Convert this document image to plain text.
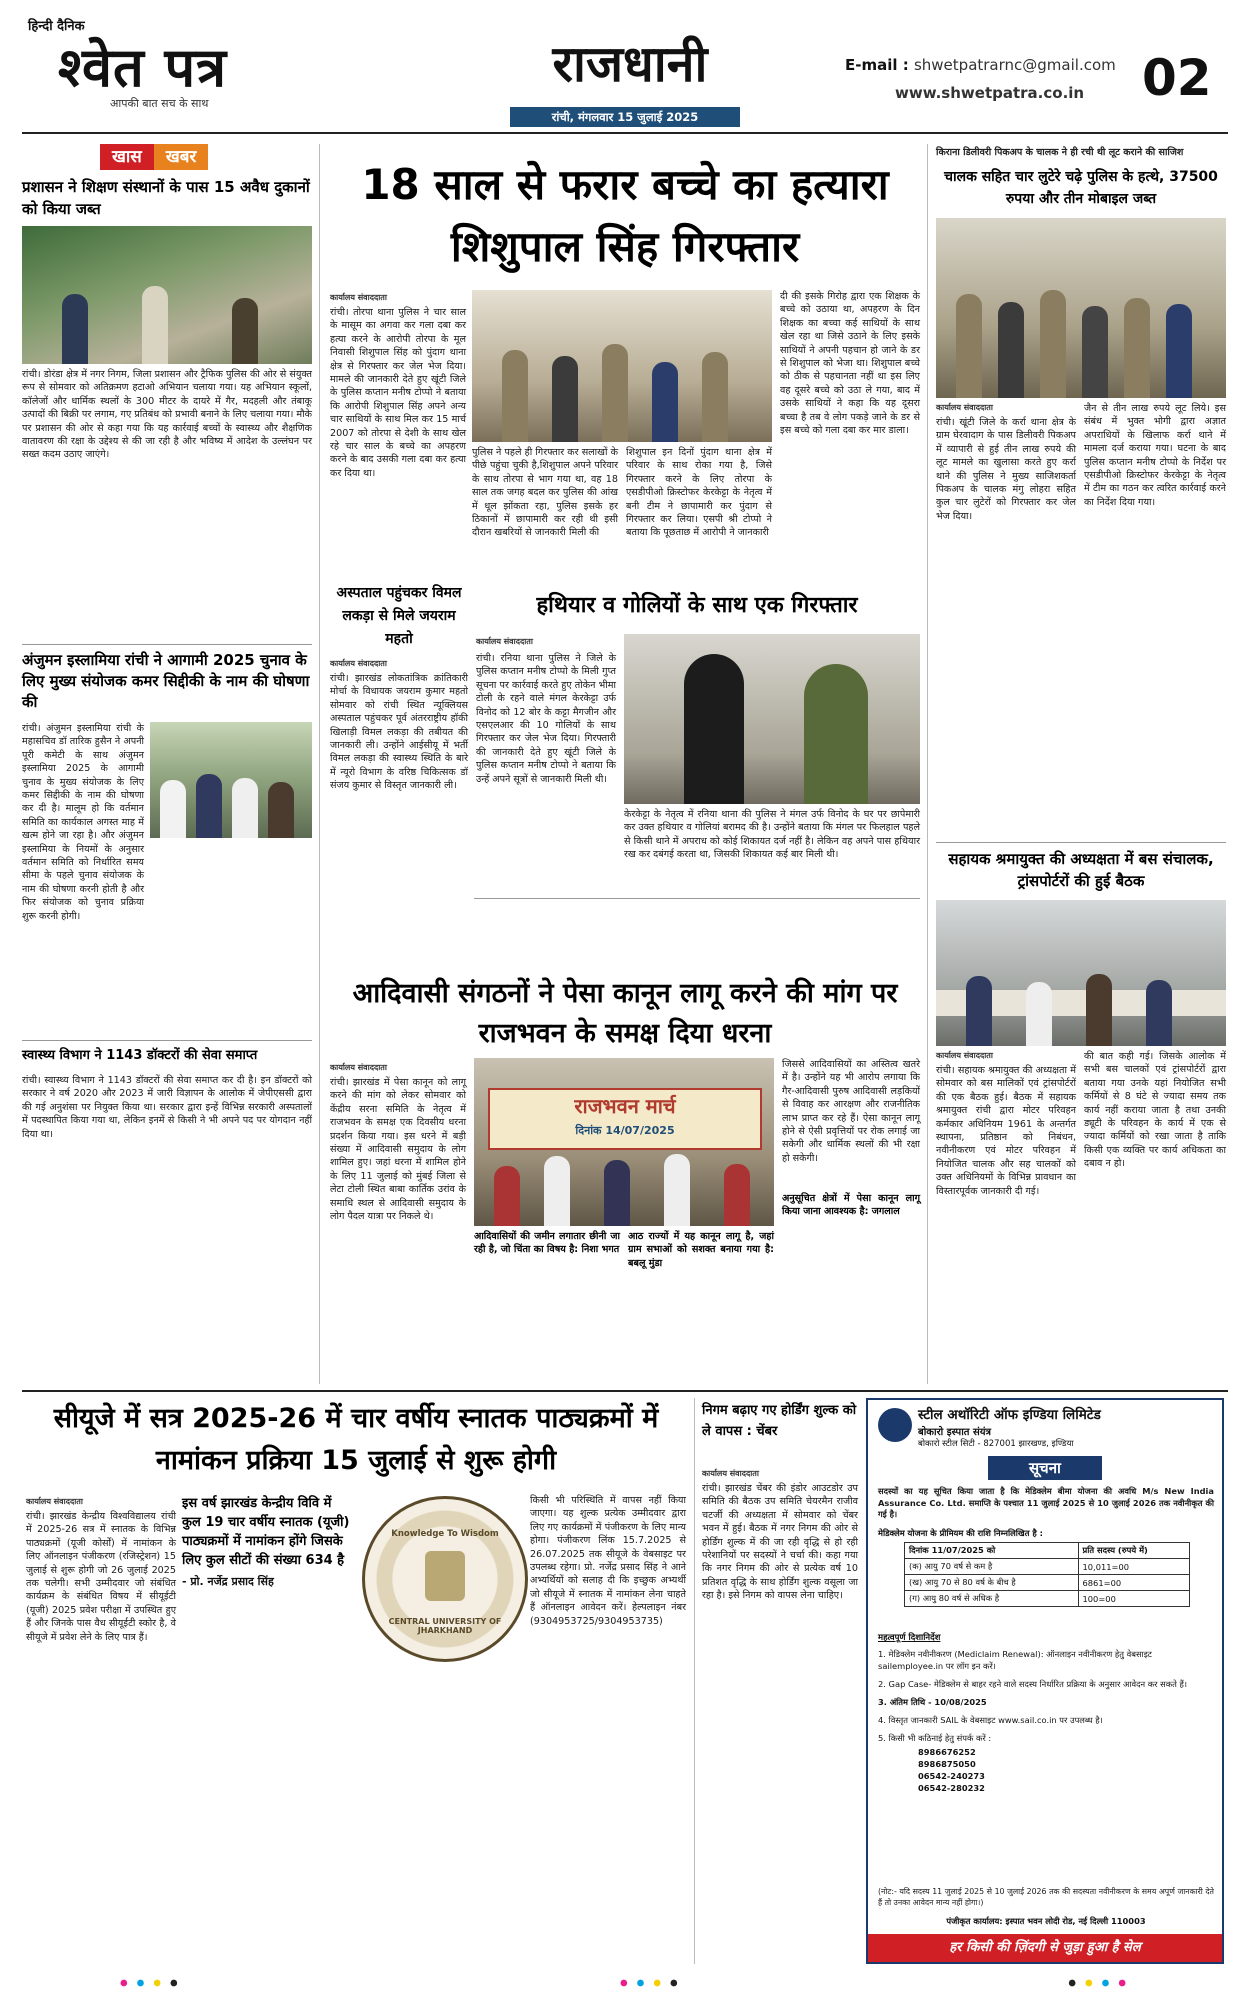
हिन्दी दैनिक
श्वेत पत्र
आपकी बात सच के साथ
राजधानी
रांची, मंगलवार 15 जुलाई 2025
E-mail : shwetpatrarnc@gmail.com
www.shwetpatra.co.in 02
खास खबर
प्रशासन ने शिक्षण संस्थानों के पास 15 अवैध दुकानों को किया जब्त
रांची। डोरंडा क्षेत्र में नगर निगम, जिला प्रशासन और ट्रैफिक पुलिस की ओर से संयुक्त रूप से सोमवार को अतिक्रमण हटाओ अभियान चलाया गया। यह अभियान स्कूलों, कॉलेजों और धार्मिक स्थलों के 300 मीटर के दायरे में गैर, मदहली और तंबाकू उत्पादों की बिक्री पर लगाम, गए प्रतिबंध को प्रभावी बनाने के लिए चलाया गया। मौके पर प्रशासन की ओर से कहा गया कि यह कार्रवाई बच्चों के स्वास्थ्य और शैक्षणिक वातावरण की रक्षा के उद्देश्य से की जा रही है और भविष्य में आदेश के उल्लंघन पर सख्त कदम उठाए जाएंगे।
अंजुमन इस्लामिया रांची ने आगामी 2025 चुनाव के लिए मुख्य संयोजक कमर सिद्दीकी के नाम की घोषणा की
रांची। अंजुमन इस्लामिया रांची के महासचिव डॉ तारिक हुसैन ने अपनी पूरी कमेटी के साथ अंजुमन इस्लामिया 2025 के आगामी चुनाव के मुख्य संयोजक के लिए कमर सिद्दीकी के नाम की घोषणा कर दी है। मालूम हो कि वर्तमान समिति का कार्यकाल अगस्त माह में खत्म होने जा रहा है। और अंजुमन इस्लामिया के नियमों के अनुसार वर्तमान समिति को निर्धारित समय सीमा के पहले चुनाव संयोजक के नाम की घोषणा करनी होती है और फिर संयोजक को चुनाव प्रक्रिया शुरू करनी होगी।
स्वास्थ्य विभाग ने 1143 डॉक्टरों की सेवा समाप्त
रांची। स्वास्थ्य विभाग ने 1143 डॉक्टरों की सेवा समाप्त कर दी है। इन डॉक्टरों को सरकार ने वर्ष 2020 और 2023 में जारी विज्ञापन के आलोक में जेपीएससी द्वारा की गई अनुशंसा पर नियुक्त किया था। सरकार द्वारा इन्हें विभिन्न सरकारी अस्पतालों में पदस्थापित किया गया था, लेकिन इनमें से किसी ने भी अपने पद पर योगदान नहीं दिया था।
18 साल से फरार बच्चे का हत्यारा शिशुपाल सिंह गिरफ्तार
कार्यालय संवाददाता
रांची। तोरपा थाना पुलिस ने चार साल के मासूम का अगवा कर गला दबा कर हत्या करने के आरोपी तोरपा के मूल निवासी शिशुपाल सिंह को पुंदाग थाना क्षेत्र से गिरफ्तार कर जेल भेज दिया। मामले की जानकारी देते हुए खूंटी जिले के पुलिस कप्तान मनीष टोप्पो ने बताया कि आरोपी शिशुपाल सिंह अपने अन्य चार साथियों के साथ मिल कर 15 मार्च 2007 को तोरपा से देशी के साथ खेल रहे चार साल के बच्चे का अपहरण करने के बाद उसकी गला दबा कर हत्या कर दिया था।
पुलिस ने पहले ही गिरफ्तार कर सलाखों के पीछे पहुंचा चुकी है,शिशुपाल अपने परिवार के साथ तोरपा से भाग गया था, वह 18 साल तक जगह बदल कर पुलिस की आंख में धूल झोंकता रहा, पुलिस इसके हर ठिकानों में छापामारी कर रही थी इसी दौरान खबरियों से जानकारी मिली की
शिशुपाल इन दिनों पुंदाग थाना क्षेत्र में परिवार के साथ रोका गया है, जिसे गिरफ्तार करने के लिए तोरपा के एसडीपीओ क्रिस्टोफर केरकेट्टा के नेतृत्व में बनी टीम ने छापामारी कर पुंदाग से गिरफ्तार कर लिया। एसपी श्री टोप्पो ने बताया कि पूछताछ में आरोपी ने जानकारी
दी की इसके गिरोह द्वारा एक शिक्षक के बच्चे को उठाया था, अपहरण के दिन शिक्षक का बच्चा कई साथियों के साथ खेल रहा था जिसे उठाने के लिए इसके साथियों ने अपनी पहचान हो जाने के डर से शिशुपाल को भेजा था। शिशुपाल बच्चे को ठीक से पहचानता नहीं था इस लिए वह दूसरे बच्चे को उठा ले गया, बाद में उसके साथियों ने कहा कि यह दूसरा बच्चा है तब वे लोग पकड़े जाने के डर से इस बच्चे को गला दबा कर मार डाला।
अस्पताल पहुंचकर विमल लकड़ा से मिले जयराम महतो
कार्यालय संवाददाता
रांची। झारखंड लोकतांत्रिक क्रांतिकारी मोर्चा के विधायक जयराम कुमार महतो सोमवार को रांची स्थित न्यूक्लियस अस्पताल पहुंचकर पूर्व अंतरराष्ट्रीय हॉकी खिलाड़ी विमल लकड़ा की तबीयत की जानकारी ली। उन्होंने आईसीयू में भर्ती विमल लकड़ा की स्वास्थ्य स्थिति के बारे में न्यूरो विभाग के वरिष्ठ चिकित्सक डॉ संजय कुमार से विस्तृत जानकारी ली।
हथियार व गोलियों के साथ एक गिरफ्तार
कार्यालय संवाददाता
रांची। रनिया थाना पुलिस ने जिले के पुलिस कप्तान मनीष टोप्पो के मिली गुप्त सूचना पर कार्रवाई करते हुए तोकेन भीमा टोली के रहने वाले मंगल केरकेट्टा उर्फ विनोद को 12 बोर के कट्टा मैगजीन और एसएलआर की 10 गोलियों के साथ गिरफ्तार कर जेल भेज दिया। गिरफ्तारी की जानकारी देते हुए खूंटी जिले के पुलिस कप्तान मनीष टोप्पो ने बताया कि उन्हें अपने सूत्रों से जानकारी मिली थी।
केरकेट्टा के नेतृत्व में रनिया थाना की पुलिस ने मंगल उर्फ विनोद के घर पर छापेमारी कर उक्त हथियार व गोलियां बरामद की है। उन्होंने बताया कि मंगल पर फिलहाल पहले से किसी थाने में अपराध को कोई शिकायत दर्ज नहीं है। लेकिन वह अपने पास हथियार रख कर दबंगई करता था, जिसकी शिकायत कई बार मिली थी।
आदिवासी संगठनों ने पेसा कानून लागू करने की मांग पर राजभवन के समक्ष दिया धरना
कार्यालय संवाददाता
रांची। झारखंड में पेसा कानून को लागू करने की मांग को लेकर सोमवार को केंद्रीय सरना समिति के नेतृत्व में राजभवन के समक्ष एक दिवसीय धरना प्रदर्शन किया गया। इस धरने में बड़ी संख्या में आदिवासी समुदाय के लोग शामिल हुए। जहां धरना में शामिल होने के लिए 11 जुलाई को मुंबई जिला से लेटा टोली स्थित बाबा कार्तिक उरांव के समाधि स्थल से आदिवासी समुदाय के लोग पैदल यात्रा पर निकले थे।
राजभवन मार्च
दिनांक 14/07/2025
आदिवासियों की जमीन लगातार छीनी जा रही है, जो चिंता का विषय है: निशा भगत
आठ राज्यों में यह कानून लागू है, जहां ग्राम सभाओं को सशक्त बनाया गया है: बबलू मुंडा
जिससे आदिवासियों का अस्तित्व खतरे में है। उन्होंने यह भी आरोप लगाया कि गैर-आदिवासी पुरुष आदिवासी लड़कियों से विवाह कर आरक्षण और राजनीतिक लाभ प्राप्त कर रहे हैं। ऐसा कानून लागू होने से ऐसी प्रवृत्तियों पर रोक लगाई जा सकेगी और धार्मिक स्थलों की भी रक्षा हो सकेगी।
अनुसूचित क्षेत्रों में पेसा कानून लागू किया जाना आवश्यक है: जगलाल
किराना डिलीवरी पिकअप के चालक ने ही रची थी लूट कराने की साजिश
चालक सहित चार लुटेरे चढ़े पुलिस के हत्थे, 37500 रुपया और तीन मोबाइल जब्त
कार्यालय संवाददाता
रांची। खूंटी जिले के कर्रा थाना क्षेत्र के ग्राम घेरवादाग के पास डिलीवरी पिकअप में व्यापारी से हुई तीन लाख रुपये की लूट मामले का खुलासा करते हुए कर्रा थाने की पुलिस ने मुख्य साजिशकर्ता पिकअप के चालक मंगु लोहरा सहित कुल चार लुटेरों को गिरफ्तार कर जेल भेज दिया।
जैन से तीन लाख रुपये लूट लिये। इस संबंध में भुक्त भोगी द्वारा अज्ञात अपराधियों के खिलाफ कर्रा थाने में मामला दर्ज कराया गया। घटना के बाद पुलिस कप्तान मनीष टोप्पो के निर्देश पर एसडीपीओ क्रिस्टोफर केरकेट्टा के नेतृत्व में टीम का गठन कर त्वरित कार्रवाई करने का निर्देश दिया गया।
सहायक श्रमायुक्त की अध्यक्षता में बस संचालक, ट्रांसपोर्टरों की हुई बैठक
कार्यालय संवाददाता
रांची। सहायक श्रमायुक्त की अध्यक्षता में सोमवार को बस मालिकों एवं ट्रांसपोर्टरों की एक बैठक हुई। बैठक में सहायक श्रमायुक्त रांची द्वारा मोटर परिवहन कर्मकार अधिनियम 1961 के अन्तर्गत स्थापना, प्रतिष्ठान को निबंधन, नवीनीकरण एवं मोटर परिवहन में नियोजित चालक और सह चालकों को उक्त अधिनियमों के विभिन्न प्रावधान का विस्तारपूर्वक जानकारी दी गई।
की बात कही गई। जिसके आलोक में सभी बस चालकों एवं ट्रांसपोर्टरों द्वारा बताया गया उनके यहां नियोजित सभी कर्मियों से 8 घंटे से ज्यादा समय तक कार्य नहीं कराया जाता है तथा उनकी ड्यूटी के परिवहन के कार्य में एक से ज्यादा कर्मियों को रखा जाता है ताकि किसी एक व्यक्ति पर कार्य अधिकता का दबाव न हो।
सीयूजे में सत्र 2025-26 में चार वर्षीय स्नातक पाठ्यक्रमों में नामांकन प्रक्रिया 15 जुलाई से शुरू होगी
कार्यालय संवाददाता
रांची। झारखंड केन्द्रीय विश्वविद्यालय रांची में 2025-26 सत्र में स्नातक के विभिन्न पाठ्यक्रमों (यूजी कोर्सों) में नामांकन के लिए ऑनलाइन पंजीकरण (रजिस्ट्रेशन) 15 जुलाई से शुरू होगी जो 26 जुलाई 2025 तक चलेगी। सभी उम्मीदवार जो संबंधित कार्यक्रम के संबंधित विषय में सीयूईटी (यूजी) 2025 प्रवेश परीक्षा में उपस्थित हुए हैं और जिनके पास वैध सीयूईटी स्कोर है, वे सीयूजे में प्रवेश लेने के लिए पात्र हैं।
इस वर्ष झारखंड केन्द्रीय विवि में कुल 19 चार वर्षीय स्नातक (यूजी) पाठ्यक्रमों में नामांकन होंगे जिसके लिए कुल सीटों की संख्या 634 है
- प्रो. नर्जेद्र प्रसाद सिंह
CENTRAL UNIVERSITY OF JHARKHAND
Knowledge To Wisdom
किसी भी परिस्थिति में वापस नहीं किया जाएगा। यह शुल्क प्रत्येक उम्मीदवार द्वारा लिए गए कार्यक्रमों में पंजीकरण के लिए मान्य होगा। पंजीकरण लिंक 15.7.2025 से 26.07.2025 तक सीयूजे के वेबसाइट पर उपलब्ध रहेगा। प्रो. नर्जेद्र प्रसाद सिंह ने आने अभ्यर्थियों को सलाह दी कि इच्छुक अभ्यर्थी जो सीयूजे में स्नातक में नामांकन लेना चाहते हैं ऑनलाइन आवेदन करें। हेल्पलाइन नंबर (9304953725/9304953735)
निगम बढ़ाए गए होर्डिंग शुल्क को ले वापस : चेंबर
कार्यालय संवाददाता
रांची। झारखंड चेंबर की इंडोर आउटडोर उप समिति की बैठक उप समिति चेयरमैन राजीव चटर्जी की अध्यक्षता में सोमवार को चेंबर भवन में हुई। बैठक में नगर निगम की ओर से होर्डिंग शुल्क में की जा रही वृद्धि से हो रही परेशानियों पर सदस्यों ने चर्चा की। कहा गया कि नगर निगम की ओर से प्रत्येक वर्ष 10 प्रतिशत वृद्धि के साथ होर्डिंग शुल्क वसूला जा रहा है। इसे निगम को वापस लेना चाहिए।
स्टील अथॉरिटी ऑफ इण्डिया लिमिटेड
बोकारो इस्पात संयंत्र
बोकारो स्टील सिटी - 827001 झारखण्ड, इण्डिया
सूचना
सदस्यों का यह सूचित किया जाता है कि मेडिक्लेम बीमा योजना की अवधि M/s New India Assurance Co. Ltd. समाप्ति के पश्चात 11 जुलाई 2025 से 10 जुलाई 2026 तक नवीनीकृत की गई है।
मेडिक्लेम योजना के प्रीमियम की राशि निम्नलिखित है :
दिनांक 11/07/2025 को	प्रति सदस्य (रुपये में)
(क) आयु 70 वर्ष से कम है	10,011=00
(ख) आयु 70 से 80 वर्ष के बीच है	6861=00
(ग) आयु 80 वर्ष से अधिक है	100=00
महत्वपूर्ण दिशानिर्देश
1. मेडिक्लेम नवीनीकरण (Mediclaim Renewal): ऑनलाइन नवीनीकरण हेतु वेबसाइट sailemployee.in पर लॉग इन करें।
2. Gap Case- मेडिक्लेम से बाहर रहने वाले सदस्य निर्धारित प्रक्रिया के अनुसार आवेदन कर सकते हैं।
3. अंतिम तिथि - 10/08/2025
4. विस्तृत जानकारी SAIL के वेबसाइट www.sail.co.in पर उपलब्ध है।
5. किसी भी कठिनाई हेतु संपर्क करें :
8986676252
8986875050
06542-240273
06542-280232
(नोट:- यदि सदस्य 11 जुलाई 2025 से 10 जुलाई 2026 तक की सदस्यता नवीनीकरण के समय अपूर्ण जानकारी देते हैं तो उनका आवेदन मान्य नहीं होगा।)
पंजीकृत कार्यालय: इस्पात भवन लोदी रोड, नई दिल्ली 110003
हर किसी की ज़िंदगी से जुड़ा हुआ है सेल
